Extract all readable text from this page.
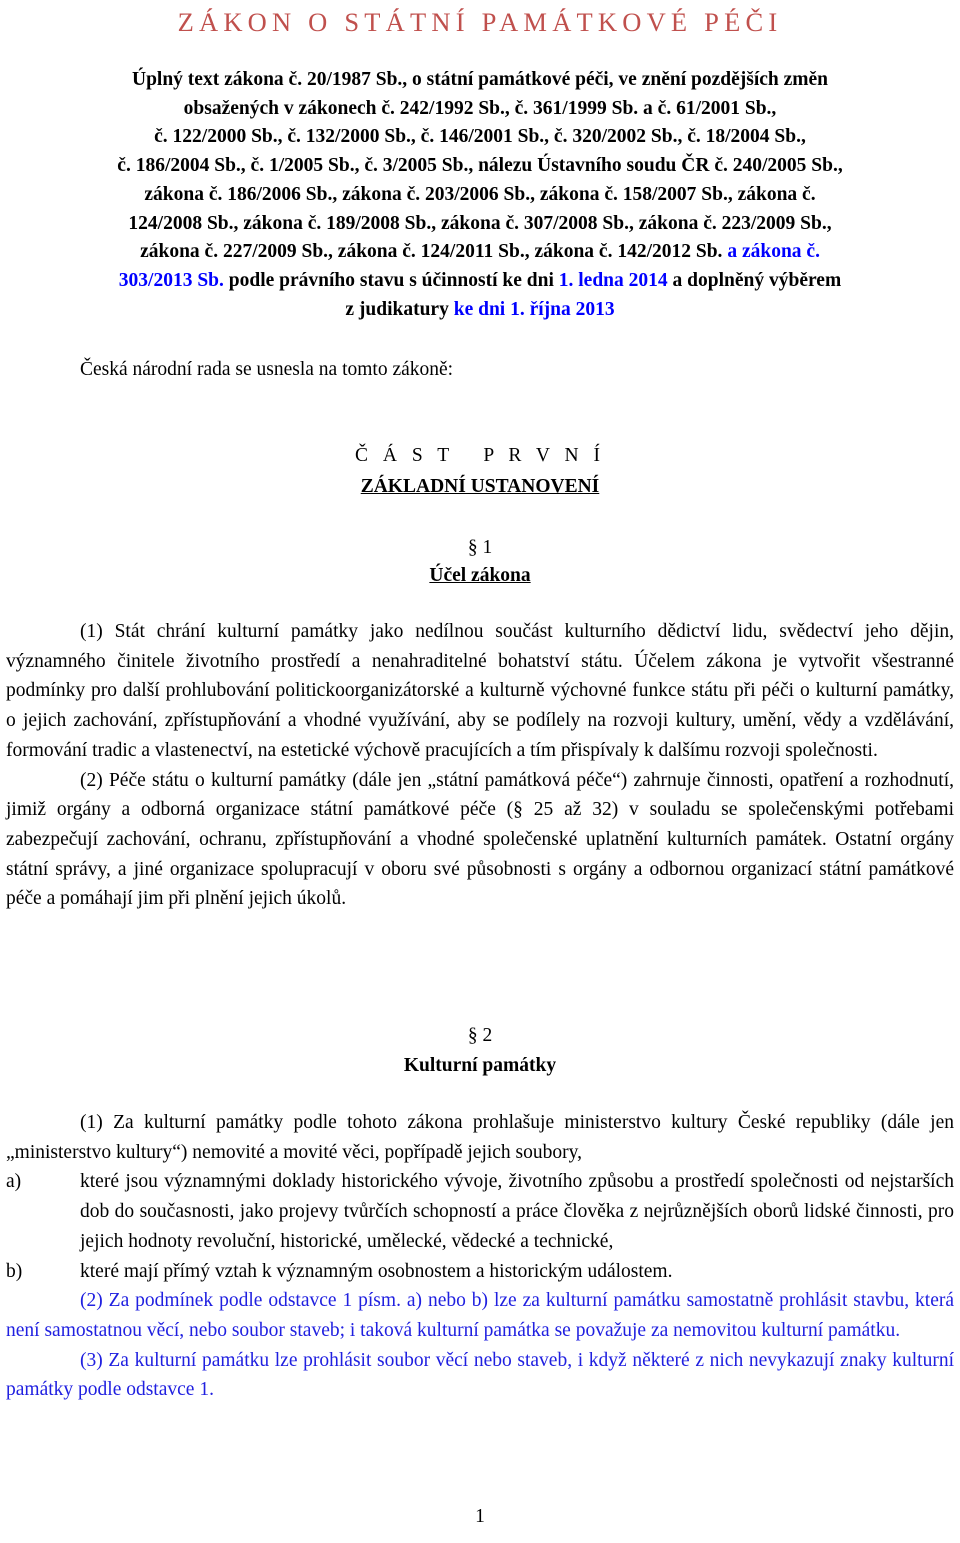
ZÁKON O STÁTNÍ PAMÁTKOVÉ PÉČI
Úplný text zákona č. 20/1987 Sb., o státní památkové péči, ve znění pozdějších změn
obsažených v zákonech č. 242/1992 Sb., č. 361/1999 Sb. a č. 61/2001 Sb.,
č. 122/2000 Sb., č. 132/2000 Sb., č. 146/2001 Sb., č. 320/2002 Sb., č. 18/2004 Sb.,
č. 186/2004 Sb., č. 1/2005 Sb., č. 3/2005 Sb., nálezu Ústavního soudu ČR č. 240/2005 Sb.,
zákona č. 186/2006 Sb., zákona č. 203/2006 Sb., zákona č. 158/2007 Sb., zákona č.
124/2008 Sb., zákona č. 189/2008 Sb., zákona č. 307/2008 Sb., zákona č. 223/2009 Sb.,
zákona č. 227/2009 Sb., zákona č. 124/2011 Sb., zákona č. 142/2012 Sb. a zákona č.
303/2013 Sb. podle právního stavu s účinností ke dni 1. ledna 2014 a doplněný výběrem
z judikatury ke dni 1. října 2013
Česká národní rada se usnesla na tomto zákoně:
Č Á S T   P R V N Í
ZÁKLADNÍ USTANOVENÍ
§ 1
Účel zákona

(1) Stát chrání kulturní památky jako nedílnou součást kulturního dědictví lidu, svědectví jeho dějin, významného činitele životního prostředí a nenahraditelné bohatství státu. Účelem zákona je vytvořit všestranné podmínky pro další prohlubování politickoorganizátorské a kulturně výchovné funkce státu při péči o kulturní památky, o jejich zachování, zpřístupňování a vhodné využívání, aby se podílely na rozvoji kultury, umění, vědy a vzdělávání, formování tradic a vlastenectví, na estetické výchově pracujících a tím přispívaly k dalšímu rozvoji společnosti.

(2) Péče státu o kulturní památky (dále jen „státní památková péče“) zahrnuje činnosti, opatření a rozhodnutí, jimiž orgány a odborná organizace státní památkové péče (§ 25 až 32) v souladu se společenskými potřebami zabezpečují zachování, ochranu, zpřístupňování a vhodné společenské uplatnění kulturních památek. Ostatní orgány státní správy, a jiné organizace spolupracují v oboru své působnosti s orgány a odbornou organizací státní památkové péče a pomáhají jim při plnění jejich úkolů.

§ 2
Kulturní památky

(1) Za kulturní památky podle tohoto zákona prohlašuje ministerstvo kultury České republiky (dále jen „ministerstvo kultury“) nemovité a movité věci, popřípadě jejich soubory,

a)	které jsou významnými doklady historického vývoje, životního způsobu a prostředí společnosti od nejstarších dob do současnosti, jako projevy tvůrčích schopností a práce člověka z nejrůznějších oborů lidské činnosti, pro jejich hodnoty revoluční, historické, umělecké, vědecké a technické,
b)	které mají přímý vztah k významným osobnostem a historickým událostem.

(2) Za podmínek podle odstavce 1 písm. a) nebo b) lze za kulturní památku samostatně prohlásit stavbu, která není samostatnou věcí, nebo soubor staveb; i taková kulturní památka se považuje za nemovitou kulturní památku.

(3) Za kulturní památku lze prohlásit soubor věcí nebo staveb, i když některé z nich nevykazují znaky kulturní památky podle odstavce 1.

1
